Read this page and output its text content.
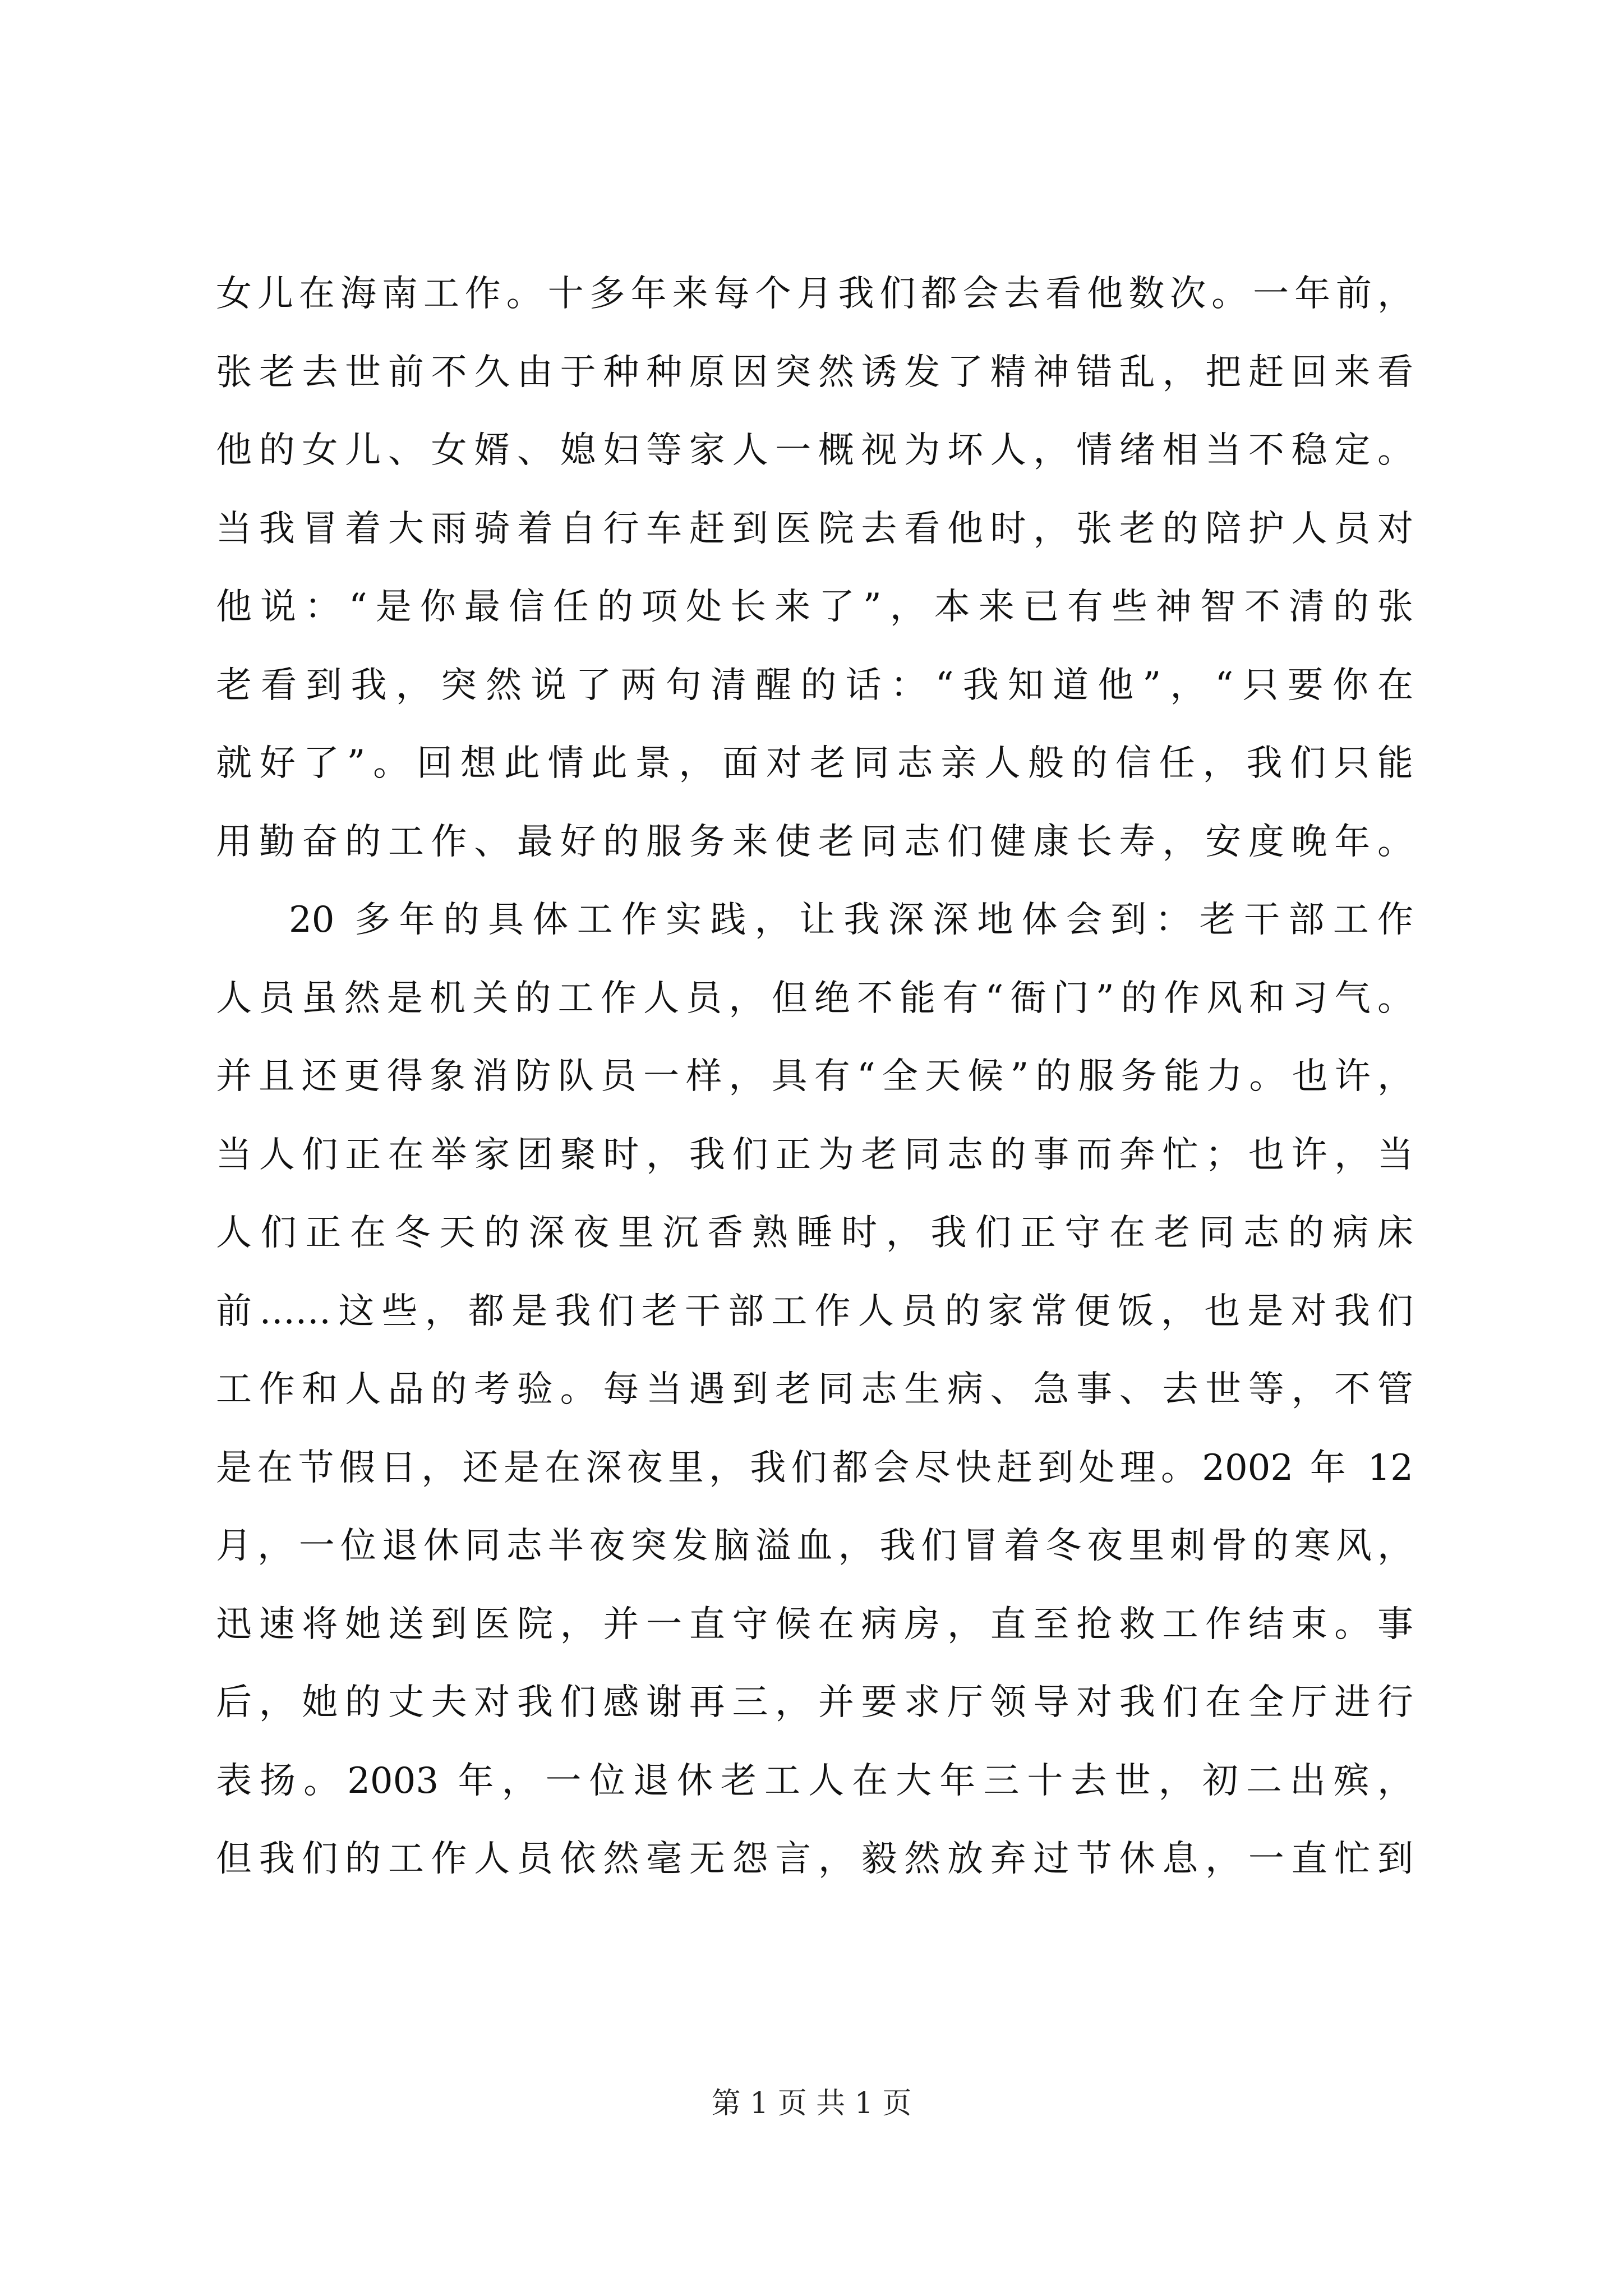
女儿在海南工作。十多年来每个月我们都会去看他数次。一年前，
张老去世前不久由于种种原因突然诱发了精神错乱，把赶回来看
他的女儿、女婿、媳妇等家人一概视为坏人，情绪相当不稳定。
当我冒着大雨骑着自行车赶到医院去看他时，张老的陪护人员对
他说：“是你最信任的项处长来了”，本来已有些神智不清的张
老看到我，突然说了两句清醒的话：“我知道他”，“只要你在
就好了”。回想此情此景，面对老同志亲人般的信任，我们只能
用勤奋的工作、最好的服务来使老同志们健康长寿，安度晚年。
20 多年的具体工作实践，让我深深地体会到：老干部工作
人员虽然是机关的工作人员，但绝不能有“衙门”的作风和习气。
并且还更得象消防队员一样，具有“全天候”的服务能力。也许，
当人们正在举家团聚时，我们正为老同志的事而奔忙；也许，当
人们正在冬天的深夜里沉香熟睡时，我们正守在老同志的病床
前……这些，都是我们老干部工作人员的家常便饭，也是对我们
工作和人品的考验。每当遇到老同志生病、急事、去世等，不管
是在节假日，还是在深夜里，我们都会尽快赶到处理。2002 年 12
月，一位退休同志半夜突发脑溢血，我们冒着冬夜里刺骨的寒风，
迅速将她送到医院，并一直守候在病房，直至抢救工作结束。事
后，她的丈夫对我们感谢再三，并要求厅领导对我们在全厅进行
表扬。2003 年，一位退休老工人在大年三十去世，初二出殡，
但我们的工作人员依然毫无怨言，毅然放弃过节休息，一直忙到
第 1 页 共 1 页
